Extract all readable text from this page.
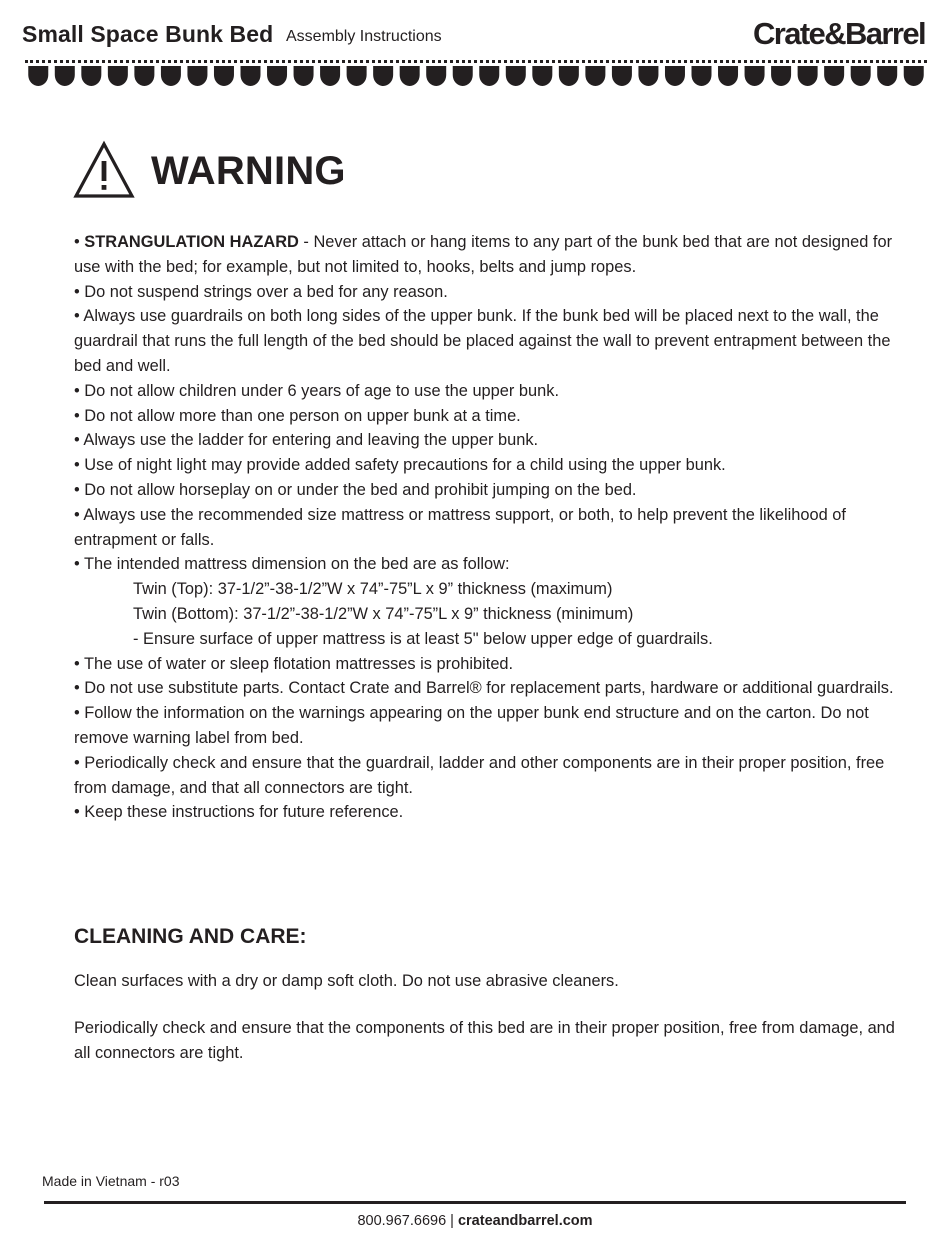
Small Space Bunk Bed Assembly Instructions	Crate&Barrel
WARNING
• STRANGULATION HAZARD - Never attach or hang items to any part of the bunk bed that are not designed for use with the bed; for example, but not limited to, hooks, belts and jump ropes.
• Do not suspend strings over a bed for any reason.
• Always use guardrails on both long sides of the upper bunk. If the bunk bed will be placed next to the wall, the guardrail that runs the full length of the bed should be placed against the wall to prevent entrapment between the bed and well.
• Do not allow children under 6 years of age to use the upper bunk.
• Do not allow more than one person on upper bunk at a time.
• Always use the ladder for entering and leaving the upper bunk.
• Use of night light may provide added safety precautions for a child using the upper bunk.
• Do not allow horseplay on or under the bed and prohibit jumping on the bed.
• Always use the recommended size mattress or mattress support, or both, to help prevent the likelihood of entrapment or falls.
• The intended mattress dimension on the bed are as follow:
Twin (Top): 37-1/2”-38-1/2”W x 74”-75”L x 9” thickness (maximum)
Twin (Bottom): 37-1/2”-38-1/2”W x 74”-75”L x 9” thickness (minimum)
- Ensure surface of upper mattress is at least 5" below upper edge of guardrails.
• The use of water or sleep flotation mattresses is prohibited.
• Do not use substitute parts. Contact Crate and Barrel® for replacement parts, hardware or additional guardrails.
• Follow the information on the warnings appearing on the upper bunk end structure and on the carton. Do not remove warning label from bed.
• Periodically check and ensure that the guardrail, ladder and other components are in their proper position, free from damage, and that all connectors are tight.
• Keep these instructions for future reference.
CLEANING AND CARE:

Clean surfaces with a dry or damp soft cloth. Do not use abrasive cleaners.

Periodically check and ensure that the components of this bed are in their proper position, free from damage, and all connectors are tight.

Made in Vietnam - r03
800.967.6696 | crateandbarrel.com
